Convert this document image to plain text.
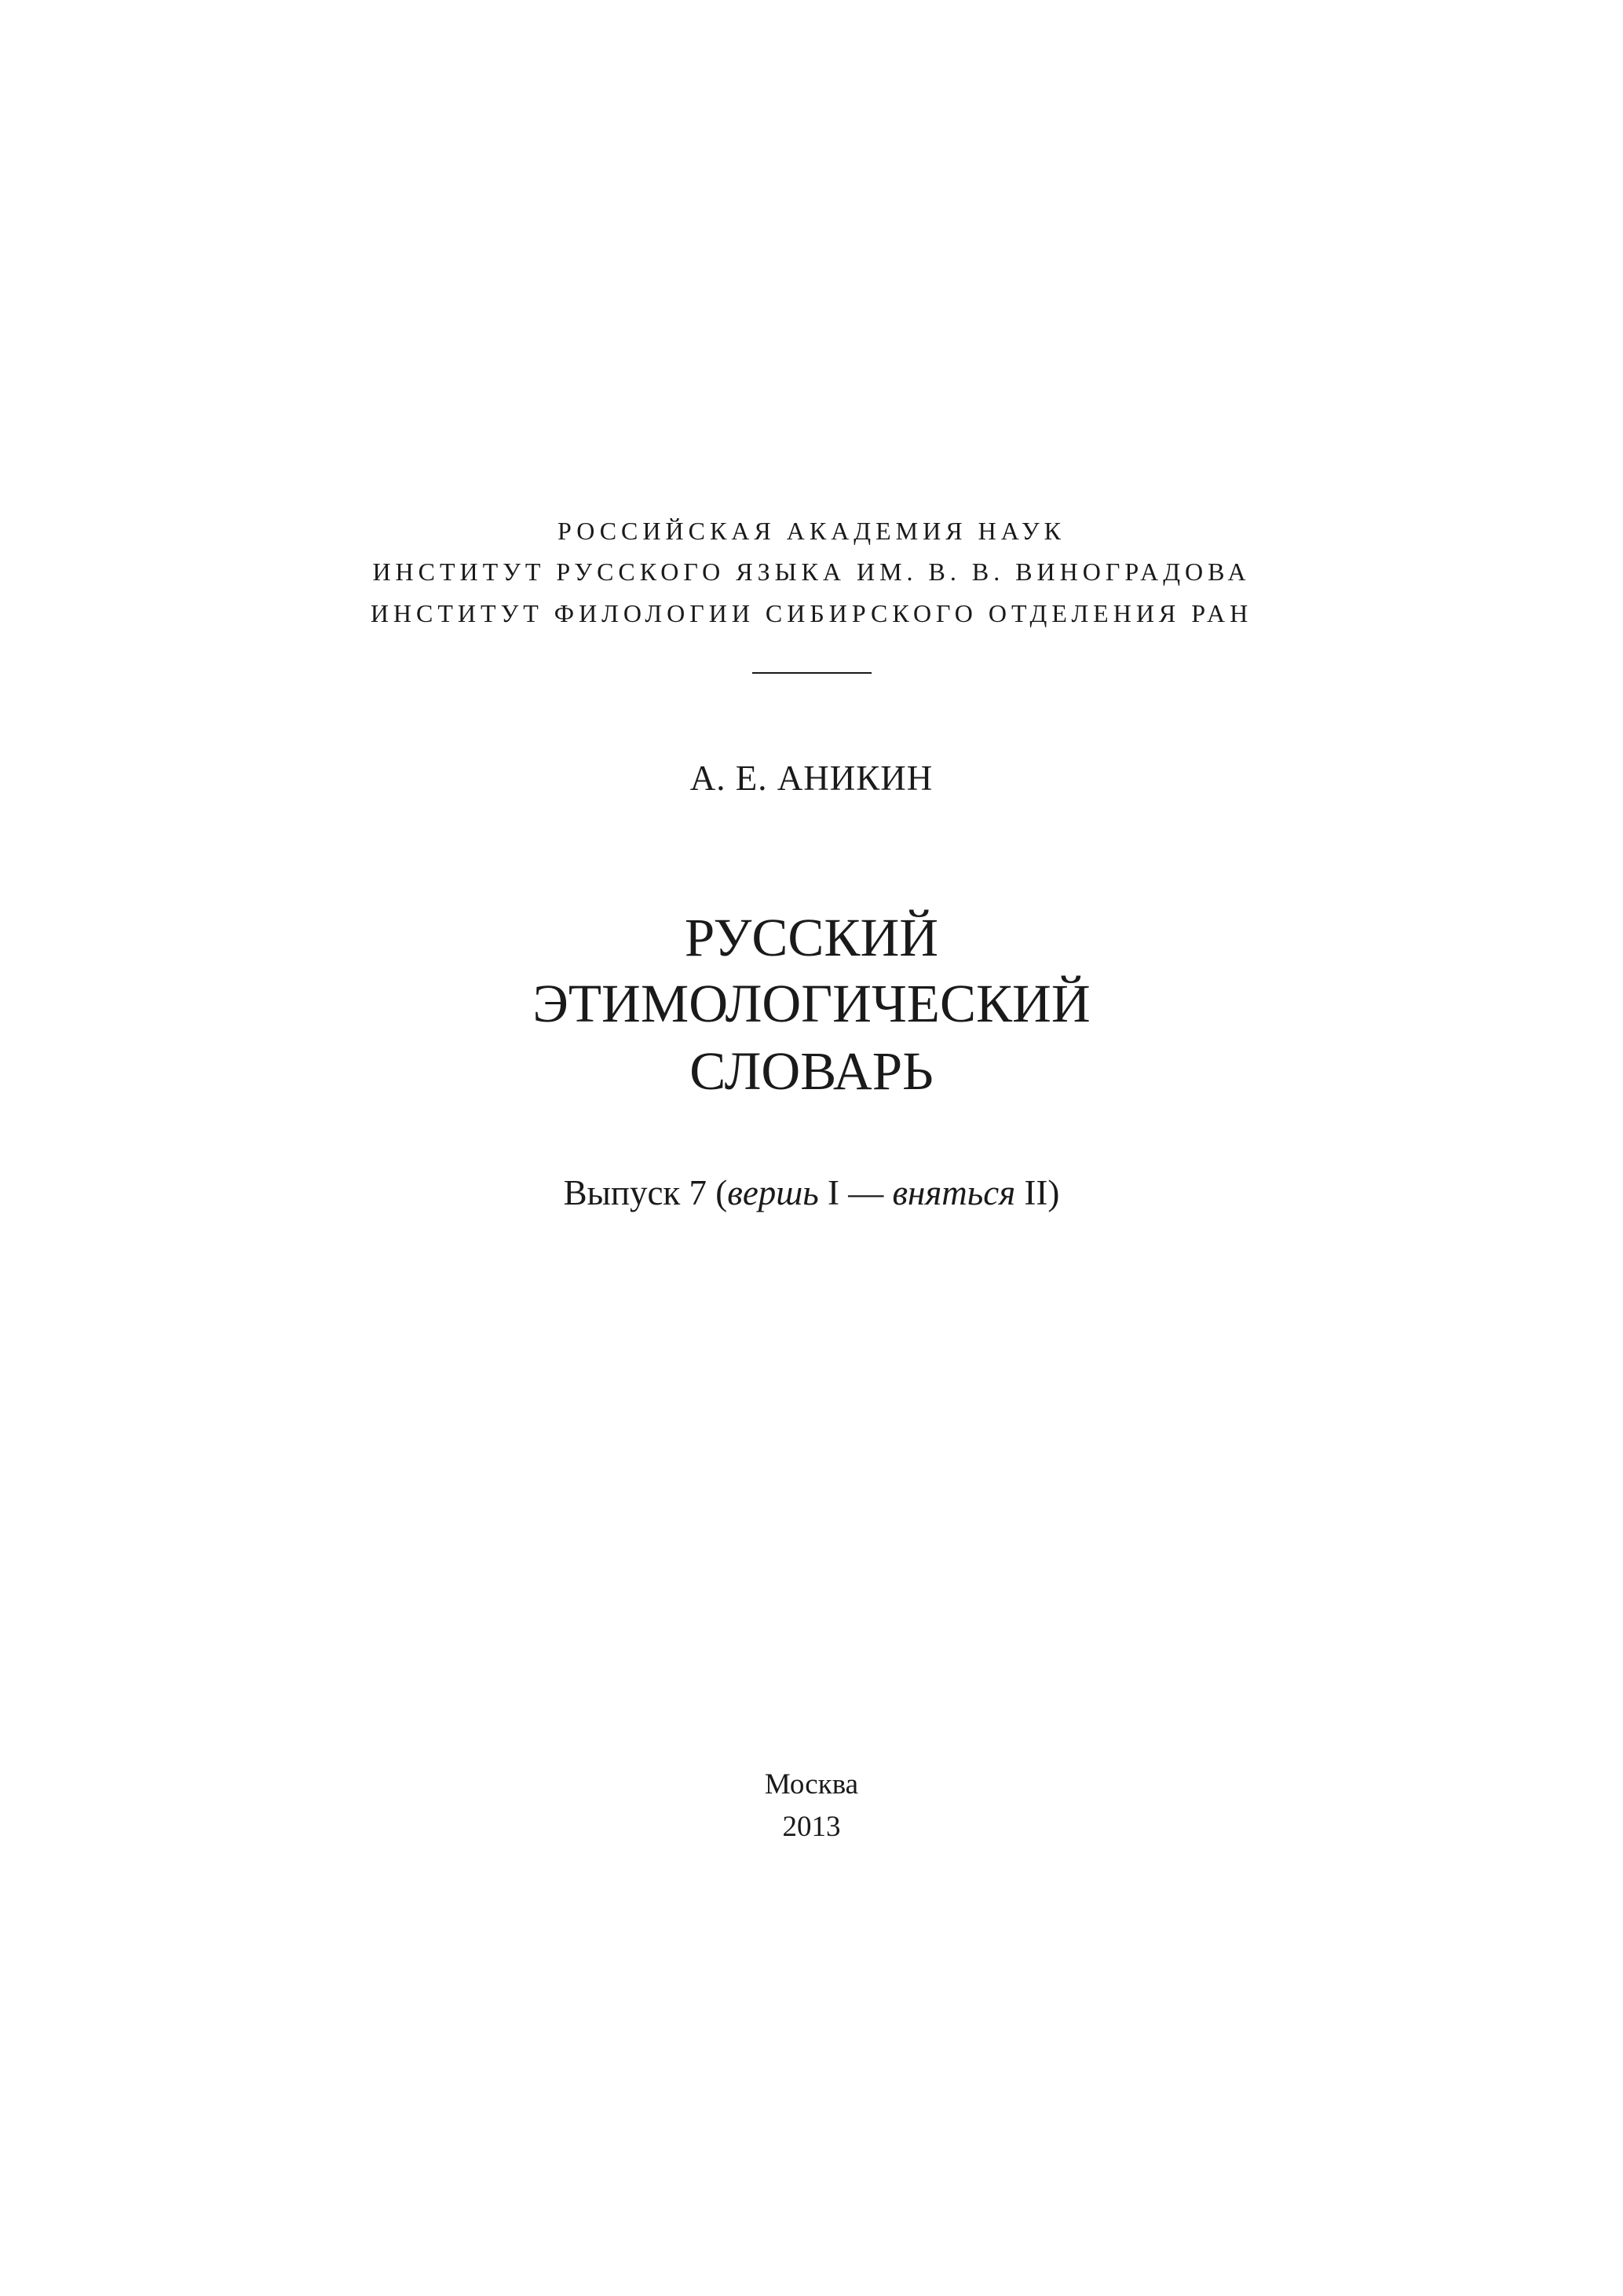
РОССИЙСКАЯ АКАДЕМИЯ НАУК
ИНСТИТУТ РУССКОГО ЯЗЫКА ИМ. В. В. ВИНОГРАДОВА
ИНСТИТУТ ФИЛОЛОГИИ СИБИРСКОГО ОТДЕЛЕНИЯ РАН
А. Е. АНИКИН
РУССКИЙ
ЭТИМОЛОГИЧЕСКИЙ
СЛОВАРЬ
Выпуск 7 (вершь I — вняться II)
Москва
2013
